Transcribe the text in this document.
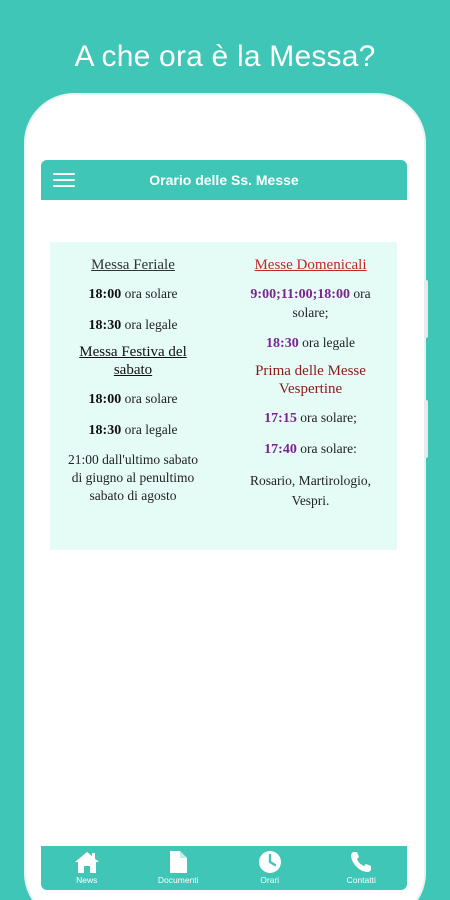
A che ora è la Messa?
Orario delle Ss. Messe

Messa Feriale

18:00 ora solare

18:30 ora legale

Messa Festiva del sabato

18:00 ora solare

18:30 ora legale

21:00 dall'ultimo sabato di giugno al penultimo sabato di agosto

Messe Domenicali

9:00;11:00;18:00 ora solare;

18:30 ora legale

Prima delle Messe Vespertine

17:15 ora solare;

17:40 ora solare:

Rosario, Martirologio, Vespri.

News	Documenti	Orari	Contatti
